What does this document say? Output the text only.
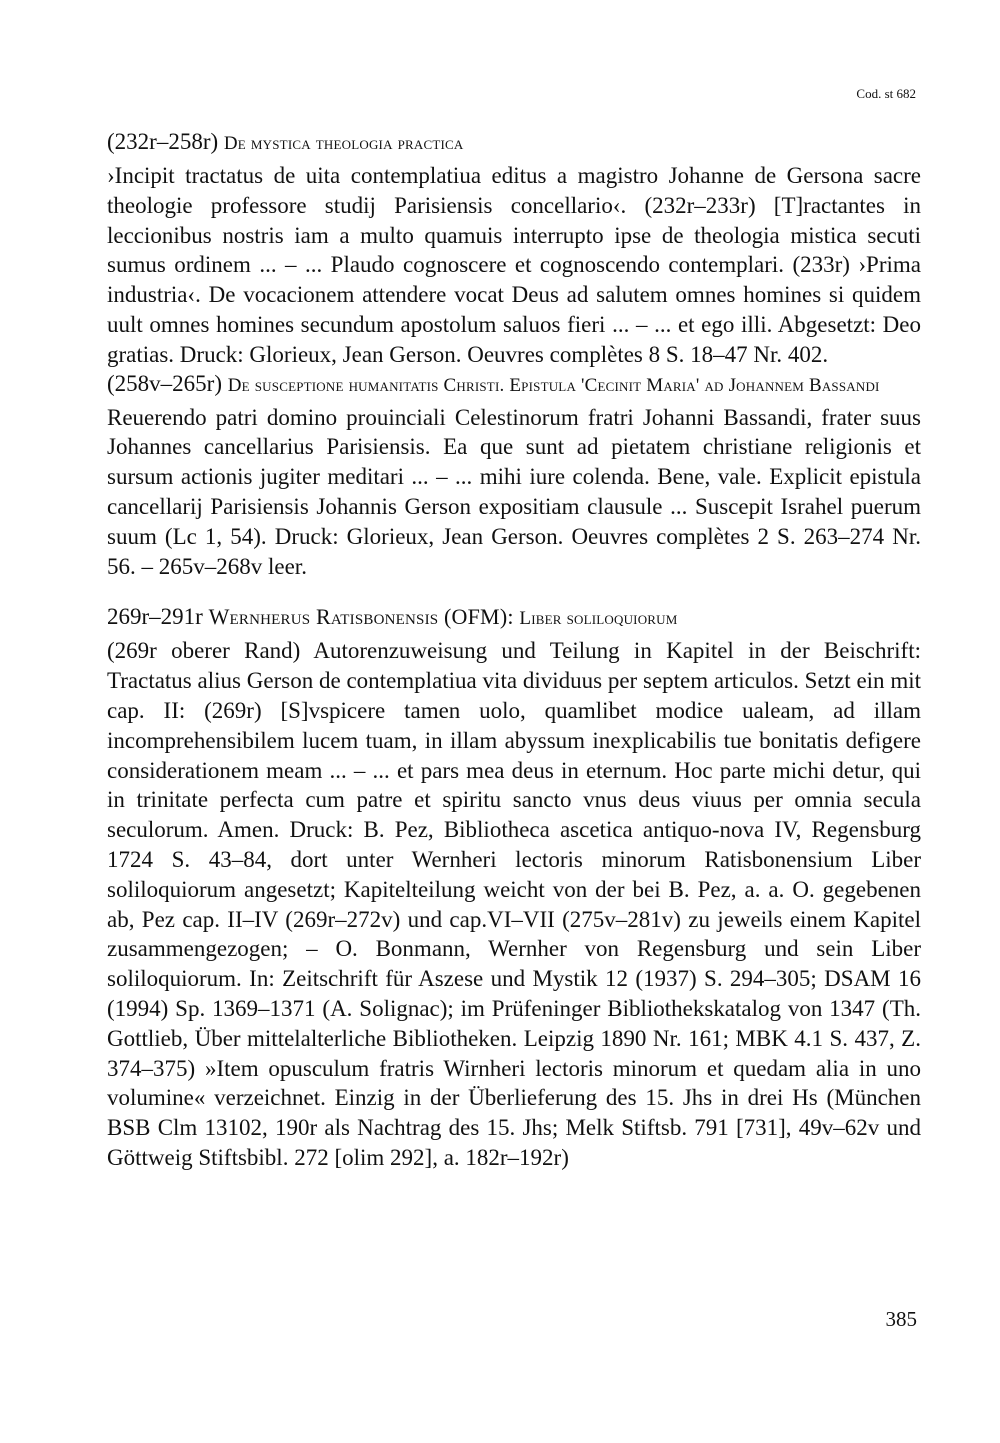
Cod. st 682

(232r–258r) De mystica theologia practica

›Incipit tractatus de uita contemplatiua editus a magistro Johanne de Gersona sacre theologie professore studij Parisiensis concellario‹. (232r–233r) [T]ractantes in leccionibus nostris iam a multo quamuis interrupto ipse de theologia mistica secuti sumus ordinem ... – ... Plaudo cognoscere et cognoscendo contemplari. (233r) ›Prima industria‹. De vocacionem attendere vocat Deus ad salutem omnes homines si quidem uult omnes homines secundum apostolum saluos fieri ... – ... et ego illi. Abgesetzt: Deo gratias. Druck: Glorieux, Jean Gerson. Oeuvres complètes 8 S. 18–47 Nr. 402.

(258v–265r) De susceptione humanitatis Christi. Epistula 'Cecinit Maria' ad Johannem Bassandi

Reuerendo patri domino prouinciali Celestinorum fratri Johanni Bassandi, frater suus Johannes cancellarius Parisiensis. Ea que sunt ad pietatem christiane religionis et sursum actionis jugiter meditari ... – ... mihi iure colenda. Bene, vale. Explicit epistula cancellarij Parisiensis Johannis Gerson expositiam clausule ... Suscepit Israhel puerum suum (Lc 1, 54). Druck: Glorieux, Jean Gerson. Oeuvres complètes 2 S. 263–274 Nr. 56. – 265v–268v leer.

269r–291r Wernherus Ratisbonensis (OFM): Liber soliloquiorum

(269r oberer Rand) Autorenzuweisung und Teilung in Kapitel in der Beischrift: Tractatus alius Gerson de contemplatiua vita dividuus per septem articulos. Setzt ein mit cap. II: (269r) [S]vspicere tamen uolo, quamlibet modice ualeam, ad illam incomprehensibilem lucem tuam, in illam abyssum inexplicabilis tue bonitatis defigere considerationem meam ... – ... et pars mea deus in eternum. Hoc parte michi detur, qui in trinitate perfecta cum patre et spiritu sancto vnus deus viuus per omnia secula seculorum. Amen. Druck: B. Pez, Bibliotheca ascetica antiquo-nova IV, Regensburg 1724 S. 43–84, dort unter Wernheri lectoris minorum Ratisbonensium Liber soliloquiorum angesetzt; Kapitelteilung weicht von der bei B. Pez, a. a. O. gegebenen ab, Pez cap. II–IV (269r–272v) und cap.VI–VII (275v–281v) zu jeweils einem Kapitel zusammengezogen; – O. Bonmann, Wernher von Regensburg und sein Liber soliloquiorum. In: Zeitschrift für Aszese und Mystik 12 (1937) S. 294–305; DSAM 16 (1994) Sp. 1369–1371 (A. Solignac); im Prüfeninger Bibliothekskatalog von 1347 (Th. Gottlieb, Über mittelalterliche Bibliotheken. Leipzig 1890 Nr. 161; MBK 4.1 S. 437, Z. 374–375) »Item opusculum fratris Wirnheri lectoris minorum et quedam alia in uno volumine« verzeichnet. Einzig in der Überlieferung des 15. Jhs in drei Hs (München BSB Clm 13102, 190r als Nachtrag des 15. Jhs; Melk Stiftsb. 791 [731], 49v–62v und Göttweig Stiftsbibl. 272 [olim 292], a. 182r–192r)

385
